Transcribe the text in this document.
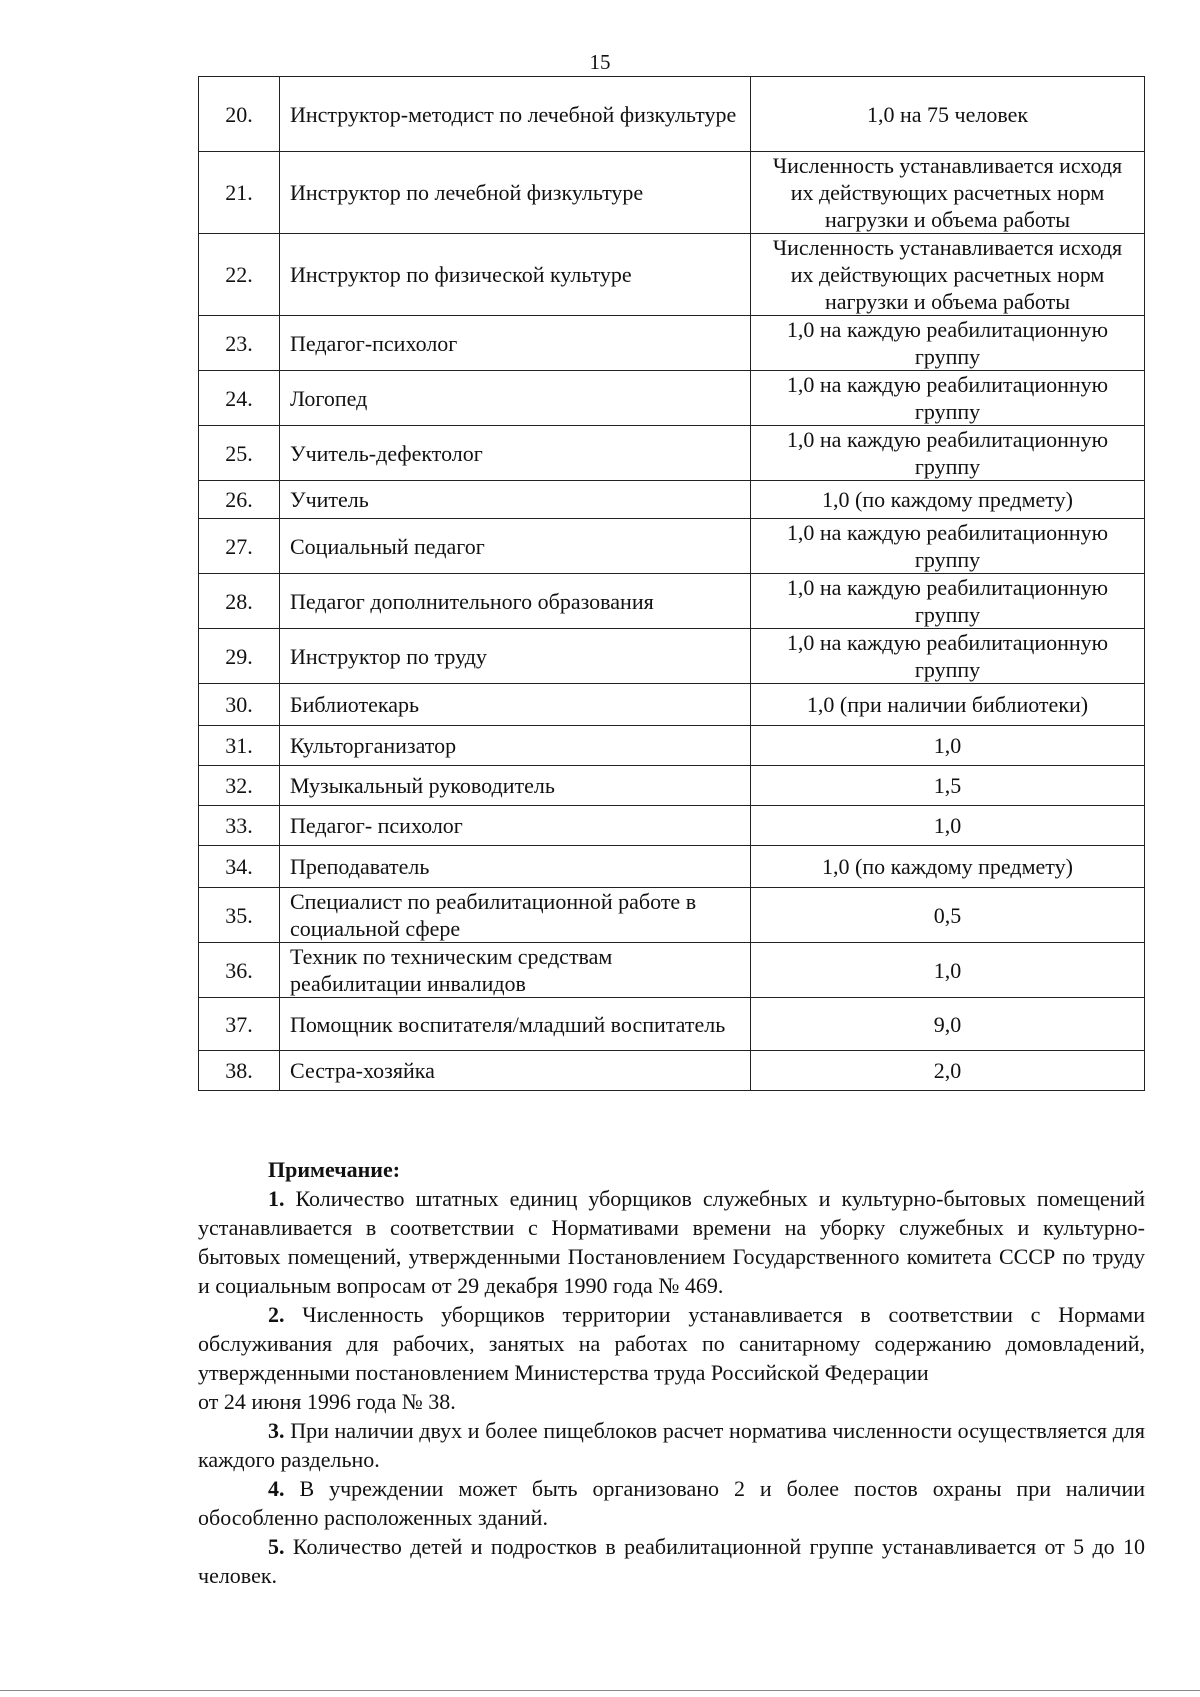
15
20.	Инструктор-методист по лечебной физкультуре	1,0 на 75 человек
21.	Инструктор по лечебной физкультуре	Численность устанавливается исходя их действующих расчетных норм нагрузки и объема работы
22.	Инструктор по физической культуре	Численность устанавливается исходя их действующих расчетных норм нагрузки и объема работы
23.	Педагог-психолог	1,0 на каждую реабилитационную группу
24.	Логопед	1,0 на каждую реабилитационную группу
25.	Учитель-дефектолог	1,0 на каждую реабилитационную группу
26.	Учитель	1,0 (по каждому предмету)
27.	Социальный педагог	1,0 на каждую реабилитационную группу
28.	Педагог дополнительного образования	1,0 на каждую реабилитационную группу
29.	Инструктор по труду	1,0 на каждую реабилитационную группу
30.	Библиотекарь	1,0 (при наличии библиотеки)
31.	Культорганизатор	1,0
32.	Музыкальный руководитель	1,5
33.	Педагог- психолог	1,0
34.	Преподаватель	1,0 (по каждому предмету)
35.	Специалист по реабилитационной работе в социальной сфере	0,5
36.	Техник по техническим средствам реабилитации инвалидов	1,0
37.	Помощник воспитателя/младший воспитатель	9,0
38.	Сестра-хозяйка	2,0
Примечание:

1. Количество штатных единиц уборщиков служебных и культурно-бытовых помещений устанавливается в соответствии с Нормативами времени на уборку служебных и культурно-бытовых помещений, утвержденными Постановлением Государственного комитета СССР по труду и социальным вопросам от 29 декабря 1990 года № 469.

2. Численность уборщиков территории устанавливается в соответствии с Нормами обслуживания для рабочих, занятых на работах по санитарному содержанию домовладений, утвержденными постановлением Министерства труда Российской Федерации

от 24 июня 1996 года № 38.

3. При наличии двух и более пищеблоков расчет норматива численности осуществляется для каждого раздельно.

4. В учреждении может быть организовано 2 и более постов охраны при наличии обособленно расположенных зданий.

5. Количество детей и подростков в реабилитационной группе устанавливается от 5 до 10 человек.
